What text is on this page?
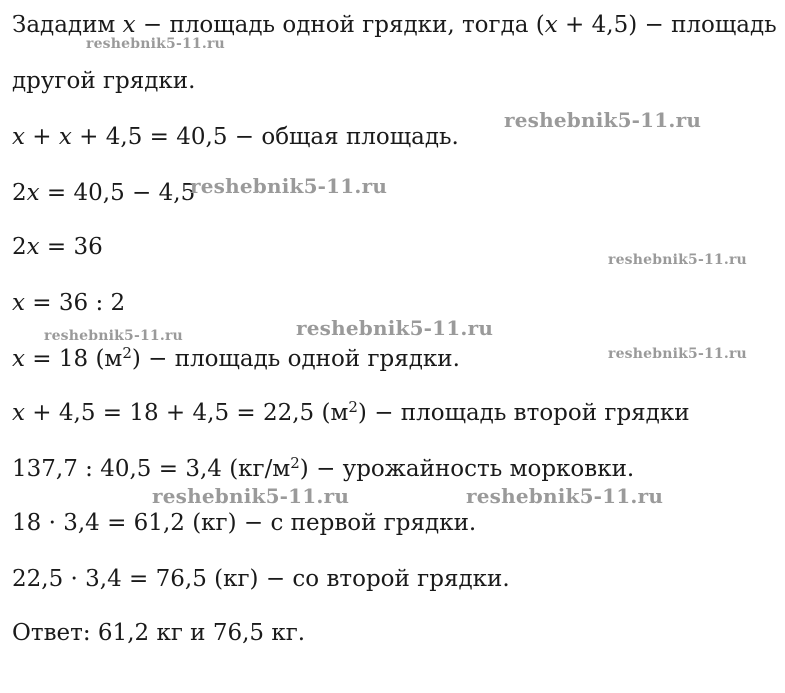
Зададим x − площадь одной грядки, тогда (x + 4,5) − площадь
другой грядки.
x + x + 4,5 = 40,5 − общая площадь.
2x = 40,5 − 4,5
2x = 36
x = 36 : 2
x = 18 $(м^2)$ − площадь одной грядки.
x + 4,5 = 18 + 4,5 = 22,5 $(м^2)$ − площадь второй грядки
137,7 : 40,5 = 3,4 $(кг/м^2)$ − урожайность морковки.
18 · 3,4 = 61,2 (кг) − с первой грядки.
22,5 · 3,4 = 76,5 (кг) − со второй грядки.
Ответ: 61,2 кг и 76,5 кг.
reshebnik5-11.ru
reshebnik5-11.ru
reshebnik5-11.ru
reshebnik5-11.ru
reshebnik5-11.ru	reshebnik5-11.ru
reshebnik5-11.ru
reshebnik5-11.ru	reshebnik5-11.ru
